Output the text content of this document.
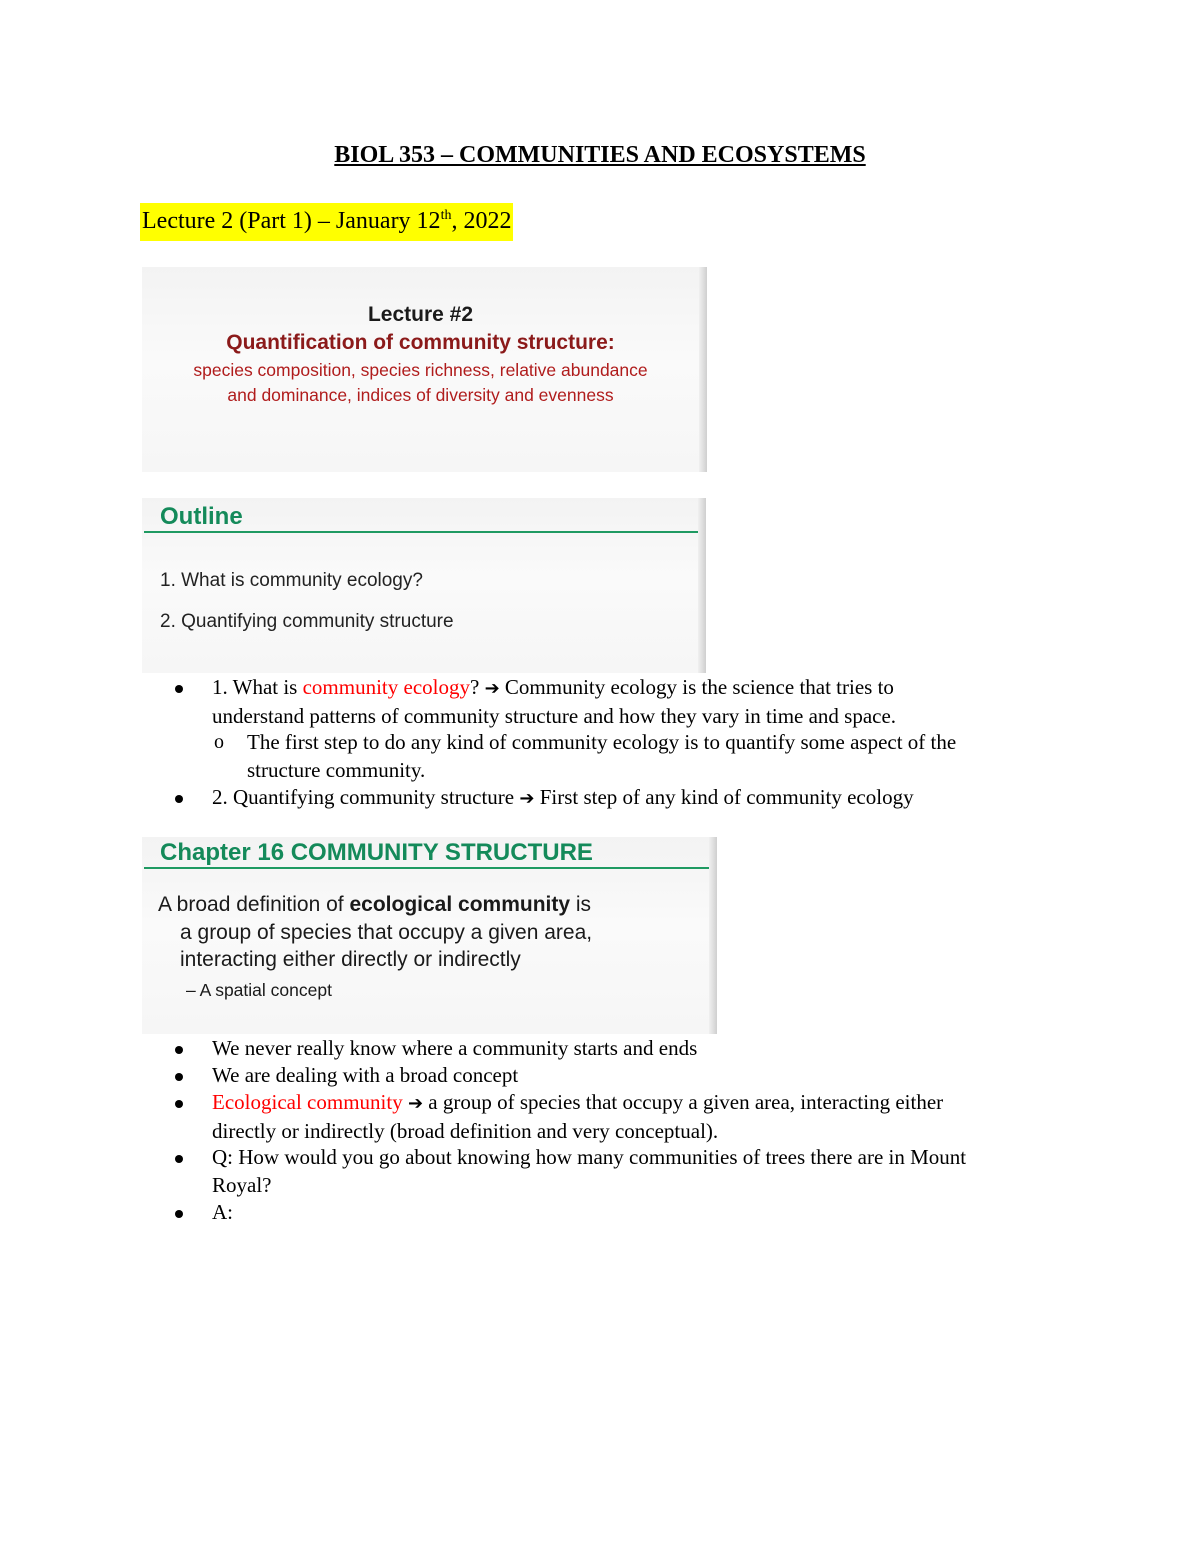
BIOL 353 – COMMUNITIES AND ECOSYSTEMS
Lecture 2 (Part 1) – January 12th, 2022
Lecture #2
Quantification of community structure:
species composition, species richness, relative abundance
and dominance, indices of diversity and evenness
Outline
1. What is community ecology?
2. Quantifying community structure
1. What is community ecology? ➔ Community ecology is the science that tries to
understand patterns of community structure and how they vary in time and space.
o The first step to do any kind of community ecology is to quantify some aspect of the
structure community.
2. Quantifying community structure ➔ First step of any kind of community ecology
Chapter 16 COMMUNITY STRUCTURE
A broad definition of ecological community is
a group of species that occupy a given area,
interacting either directly or indirectly
– A spatial concept
We never really know where a community starts and ends
We are dealing with a broad concept
Ecological community ➔ a group of species that occupy a given area, interacting either
directly or indirectly (broad definition and very conceptual).
Q: How would you go about knowing how many communities of trees there are in Mount
Royal?
A:
